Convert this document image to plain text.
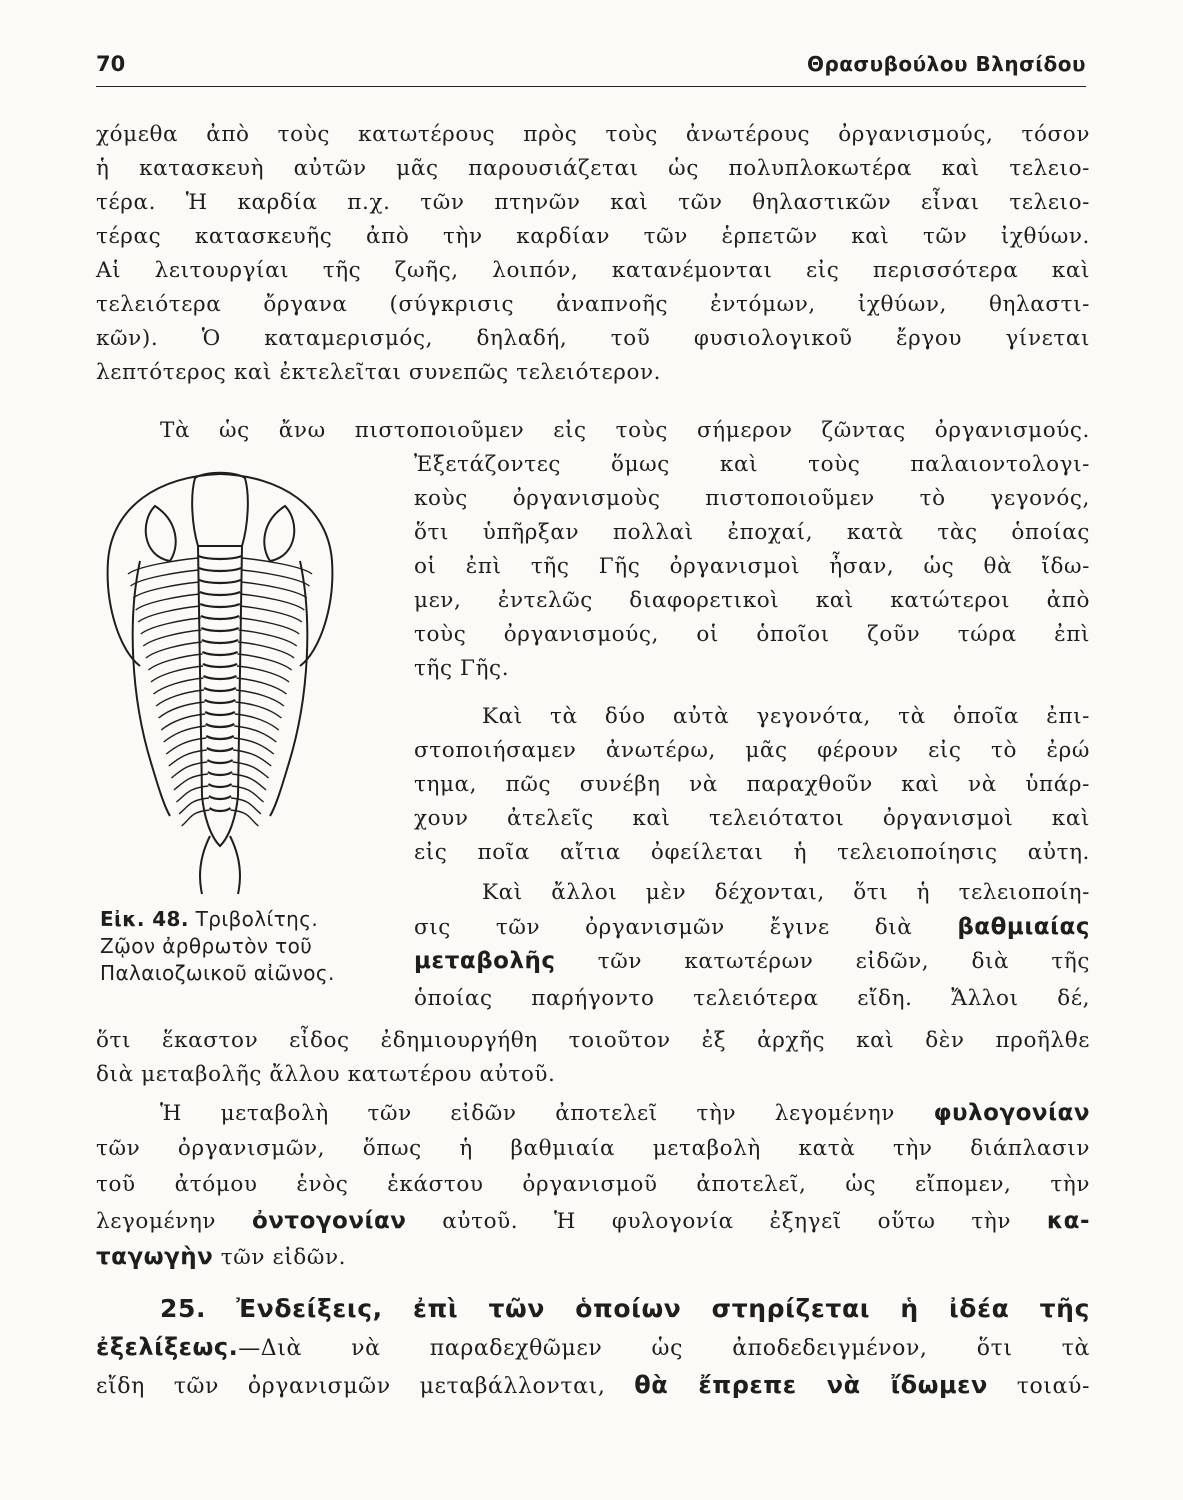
70	Θρασυβούλου Βλησίδου
χόμεθα ἀπὸ τοὺς κατωτέρους πρὸς τοὺς ἀνωτέρους ὀργανισμούς, τόσον
ἡ κατασκευὴ αὐτῶν μᾶς παρουσιάζεται ὡς πολυπλοκωτέρα καὶ τελειο-
τέρα. Ἡ καρδία π.χ. τῶν πτηνῶν καὶ τῶν θηλαστικῶν εἶναι τελειο-
τέρας κατασκευῆς ἀπὸ τὴν καρδίαν τῶν ἑρπετῶν καὶ τῶν ἰχθύων.
Αἱ λειτουργίαι τῆς ζωῆς, λοιπόν, κατανέμονται εἰς περισσότερα καὶ
τελειότερα ὄργανα (σύγκρισις ἀναπνοῆς ἐντόμων, ἰχθύων, θηλαστι-
κῶν). Ὁ καταμερισμός, δηλαδή, τοῦ φυσιολογικοῦ ἔργου γίνεται
λεπτότερος καὶ ἐκτελεῖται συνεπῶς τελειότερον.
Τὰ ὡς ἄνω πιστοποιοῦμεν εἰς τοὺς σήμερον ζῶντας ὀργανισμούς.
Ἐξετάζοντες ὅμως καὶ τοὺς παλαιοντολογι-
κοὺς ὀργανισμοὺς πιστοποιοῦμεν τὸ γεγονός,
ὅτι ὑπῆρξαν πολλαὶ ἐποχαί, κατὰ τὰς ὁποίας
οἱ ἐπὶ τῆς Γῆς ὀργανισμοὶ ἦσαν, ὡς θὰ ἴδω-
μεν, ἐντελῶς διαφορετικοὶ καὶ κατώτεροι ἀπὸ
τοὺς ὀργανισμούς, οἱ ὁποῖοι ζοῦν τώρα ἐπὶ
τῆς Γῆς.
Καὶ τὰ δύο αὐτὰ γεγονότα, τὰ ὁποῖα ἐπι-
στοποιήσαμεν ἀνωτέρω, μᾶς φέρουν εἰς τὸ ἐρώ
τημα, πῶς συνέβη νὰ παραχθοῦν καὶ νὰ ὑπάρ-
χουν ἀτελεῖς καὶ τελειότατοι ὀργανισμοὶ καὶ
εἰς ποῖα αἴτια ὀφείλεται ἡ τελειοποίησις αὐτη.
Καὶ ἄλλοι μὲν δέχονται, ὅτι ἡ τελειοποίη-
σις τῶν ὀργανισμῶν ἔγινε διὰ βαθμιαίας
μεταβολῆς τῶν κατωτέρων εἰδῶν, διὰ τῆς
ὁποίας παρήγοντο τελειότερα εἴδη. Ἄλλοι δέ,
ὅτι ἕκαστον εἶδος ἐδημιουργήθη τοιοῦτον ἐξ ἀρχῆς καὶ δὲν προῆλθε
διὰ μεταβολῆς ἄλλου κατωτέρου αὐτοῦ.
Ἡ μεταβολὴ τῶν εἰδῶν ἀποτελεῖ τὴν λεγομένην φυλογονίαν
τῶν ὀργανισμῶν, ὅπως ἡ βαθμιαία μεταβολὴ κατὰ τὴν διάπλασιν
τοῦ ἀτόμου ἑνὸς ἑκάστου ὀργανισμοῦ ἀποτελεῖ, ὡς εἴπομεν, τὴν
λεγομένην ὀντογονίαν αὐτοῦ. Ἡ φυλογονία ἐξηγεῖ οὕτω τὴν κα-
ταγωγὴν τῶν εἰδῶν.
25. Ἐνδείξεις, ἐπὶ τῶν ὁποίων στηρίζεται ἡ ἰδέα τῆς
ἐξελίξεως.—Διὰ νὰ παραδεχθῶμεν ὡς ἀποδεδειγμένον, ὅτι τὰ
εἴδη τῶν ὀργανισμῶν μεταβάλλονται, θὰ ἔπρεπε νὰ ἴδωμεν τοιαύ-
Εἰκ. 48. Τριβολίτης.
Ζῷον ἀρθρωτὸν τοῦ
Παλαιοζωικοῦ αἰῶνος.
